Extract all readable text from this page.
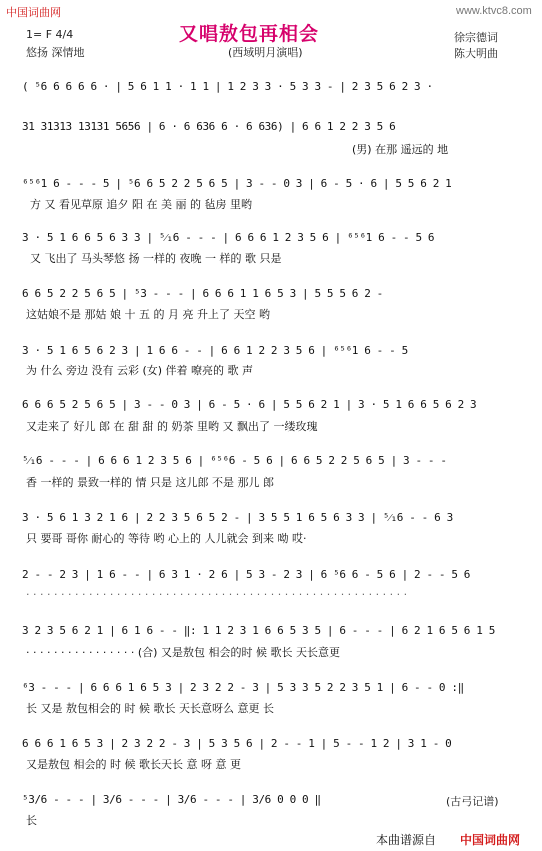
中国词曲网	www.ktvc8.com
又唱敖包再相会
1= F 4/4
悠扬 深情地	(西域明月演唱)
徐宗德词
陈大明曲
( ⁵6 6 6 6 6 · | 5 6 1 1 · 1 1 | 1 2 3 3 · 5 3 3 - | 2 3 5 6 2 3 ·
31 31313 13131 5656 | 6 · 6 636 6 · 6 636) | 6 6 1 2 2 3 5 6
(男) 在那 遥远的 地
⁶⁵⁶1 6 - - - 5 | ⁵6 6 5 2 2 5 6 5 | 3 - - 0 3 | 6 - 5 · 6 | 5 5 6 2 1
方 又 看见草原 追夕 阳 在 美 丽 的 毡房 里哟
3 · 5 1 6 6 5 6 3 3 | ⁵⁄₁6 - - - | 6 6 6 1 2 3 5 6 | ⁶⁵⁶1 6 - - 5 6
又 飞出了 马头琴悠 扬 一样的 夜晚 一 样的 歌 只是
6 6 5 2 2 5 6 5 | ⁵3 - - - | 6 6 6 1 1 6 5 3 | 5 5 5 6 2 -
这姑娘不是 那姑 娘 十 五 的 月 亮 升上了 天空 哟
3 · 5 1 6 5 6 2 3 | 1 6 6 - - | 6 6 1 2 2 3 5 6 | ⁶⁵⁶1 6 - - 5
为 什么 旁边 没有 云彩 (女) 伴着 嘹亮的 歌 声
6 6 6 5 2 5 6 5 | 3 - - 0 3 | 6 - 5 · 6 | 5 5 6 2 1 | 3 · 5 1 6 6 5 6 2 3
又走来了 好儿 郎 在 甜 甜 的 奶茶 里哟 又 飘出了 一缕玫瑰
⁵⁄₁6 - - - | 6 6 6 1 2 3 5 6 | ⁶⁵⁶6 - 5 6 | 6 6 5 2 2 5 6 5 | 3 - - -
香 一样的 景致一样的 情 只是 这儿郎 不是 那儿 郎
3 · 5 6 1 3 2 1 6 | 2 2 3 5 6 5 2 - | 3 5 5 1 6 5 6 3 3 | ⁵⁄₁6 - - 6 3
只 要哥 哥你 耐心的 等待 哟 心上的 人儿就会 到来 呦 哎·
2 - - 2 3 | 1 6 - - | 6 3 1 · 2 6 | 5 3 - 2 3 | 6 ⁵6 6 - 5 6 | 2 - - 5 6
· · · · · · · · · · · · · · · · · · · · · · · · · · · · · · · · · · · · · · · · · · · · · · · · · · · · · · ·
3 2 3 5 6 2 1 | 6 1 6 - - ‖: 1 1 2 3 1 6 6 5 3 5 | 6 - - - | 6 2 1 6 5 6 1 5
· · · · · · · · · · · · · · · · (合) 又是敖包 相会的时 候 歌长 天长意更
⁶3 - - - | 6 6 6 1 6 5 3 | 2 3 2 2 - 3 | 5 3 3 5 2 2 3 5 1 | 6 - - 0 :‖
长 又是 敖包相会的 时 候 歌长 天长意呀么 意更 长
6 6 6 1 6 5 3 | 2 3 2 2 - 3 | 5 3 5 6 | 2 - - 1 | 5 - - 1 2 | 3 1 - 0
又是敖包 相会的 时 候 歌长天长 意 呀 意 更
⁵3/6 - - - | 3/6 - - - | 3/6 - - - | 3/6 0 0 0 ‖
长
(古弓记谱)
本曲谱源自 中国词曲网
